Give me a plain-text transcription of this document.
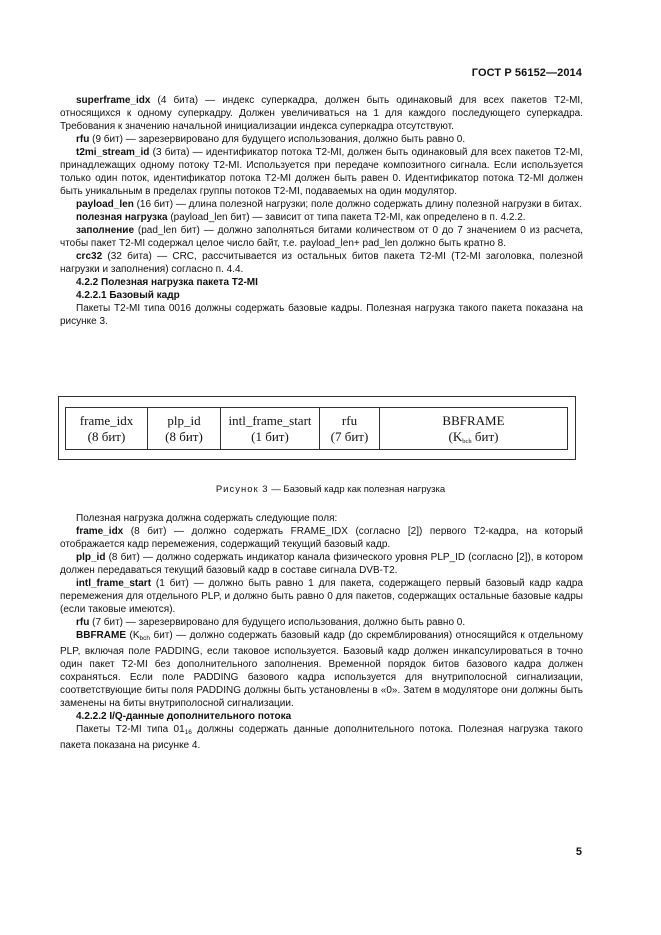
ГОСТ Р 56152—2014

superframe_idx (4 бита) — индекс суперкадра, должен быть одинаковый для всех пакетов T2-MI, относящихся к одному суперкадру. Должен увеличиваться на 1 для каждого последующего суперкадра. Требования к значению начальной инициализации индекса суперкадра отсутствуют.

rfu (9 бит) — зарезервировано для будущего использования, должно быть равно 0.

t2mi_stream_id (3 бита) — идентификатор потока T2-MI, должен быть одинаковый для всех пакетов T2-MI, принадлежащих одному потоку T2-MI. Используется при передаче композитного сигнала. Если используется только один поток, идентификатор потока T2-MI должен быть равен 0. Идентификатор потока T2-MI должен быть уникальным в пределах группы потоков T2-MI, подаваемых на один модулятор.

payload_len (16 бит) — длина полезной нагрузки; поле должно содержать длину полезной нагрузки в битах.

полезная нагрузка (payload_len бит) — зависит от типа пакета T2-MI, как определено в п. 4.2.2.

заполнение (pad_len бит) — должно заполняться битами количеством от 0 до 7 значением 0 из расчета, чтобы пакет T2-MI содержал целое число байт, т.е. payload_len+ pad_len должно быть кратно 8.

crc32 (32 бита) — CRC, рассчитывается из остальных битов пакета T2-MI (T2-MI заголовка, полезной нагрузки и заполнения) согласно п. 4.4.

4.2.2 Полезная нагрузка пакета T2-MI

4.2.2.1 Базовый кадр

Пакеты T2-MI типа 0016 должны содержать базовые кадры. Полезная нагрузка такого пакета показана на рисунке 3.

frame_idx
(8 бит)
plp_id
(8 бит)
intl_frame_start
(1 бит)
rfu
(7 бит)
BBFRAME
($K_{bch}$ бит)
Рисунок 3 — Базовый кадр как полезная нагрузка

Полезная нагрузка должна содержать следующие поля:

frame_idx (8 бит) — должно содержать FRAME_IDX (согласно [2]) первого T2-кадра, на который отображается кадр перемежения, содержащий текущий базовый кадр.

plp_id (8 бит) — должно содержать индикатор канала физического уровня PLP_ID (согласно [2]), в котором должен передаваться текущий базовый кадр в составе сигнала DVB-T2.

intl_frame_start (1 бит) — должно быть равно 1 для пакета, содержащего первый базовый кадр кадра перемежения для отдельного PLP, и должно быть равно 0 для пакетов, содержащих остальные базовые кадры (если таковые имеются).

rfu (7 бит) — зарезервировано для будущего использования, должно быть равно 0.

BBFRAME ($K_{bch}$ бит) — должно содержать базовый кадр (до скремблирования) относящийся к отдельному PLP, включая поле PADDING, если таковое используется. Базовый кадр должен инкапсулироваться в точно один пакет T2-MI без дополнительного заполнения. Временной порядок битов базового кадра должен сохраняться. Если поле PADDING базового кадра используется для внутриполосной сигнализации, соответствующие биты поля PADDING должны быть установлены в «0». Затем в модуляторе они должны быть заменены на биты внутриполосной сигнализации.

4.2.2.2 I/Q-данные дополнительного потока

Пакеты T2-MI типа $01_{16}$ должны содержать данные дополнительного потока. Полезная нагрузка такого пакета показана на рисунке 4.

5
